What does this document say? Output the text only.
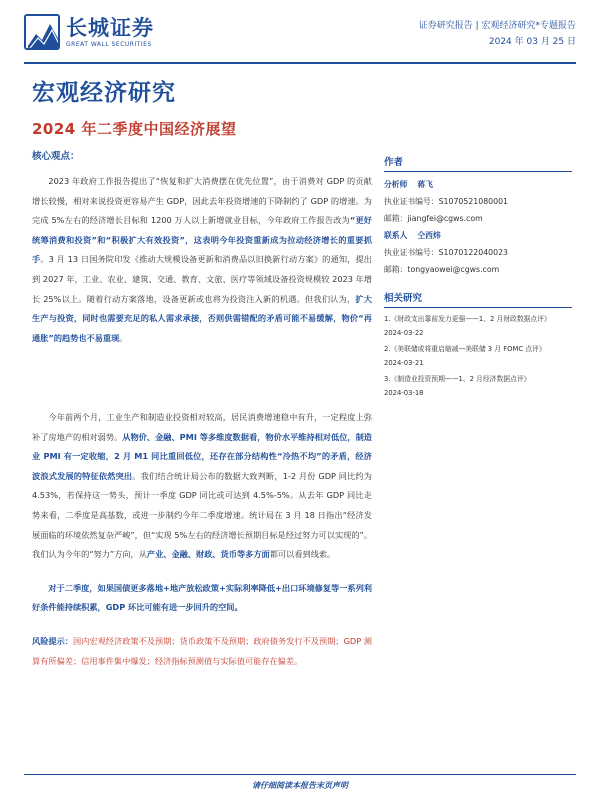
长城证券
GREAT WALL SECURITIES
证券研究报告 | 宏观经济研究*专题报告
2024 年 03 月 25 日
宏观经济研究
2024 年二季度中国经济展望
核心观点：

2023 年政府工作报告提出了“恢复和扩大消费摆在优先位置”，由于消费对 GDP 的贡献增长较慢，相对来说投资更容易产生 GDP，因此去年投资增速的下降制约了 GDP 的增速。为完成 5%左右的经济增长目标和 1200 万人以上新增就业目标，今年政府工作报告改为“更好统筹消费和投资”和“积极扩大有效投资”，这表明今年投资重新成为拉动经济增长的重要抓手。3 月 13 日国务院印发《推动大规模设备更新和消费品以旧换新行动方案》的通知，提出到 2027 年，工业、农业、建筑、交通、教育、文旅、医疗等领域设备投资规模较 2023 年增长 25%以上。随着行动方案落地，设备更新或也将为投资注入新的机遇。但我们认为，扩大生产与投资，同时也需要充足的私人需求承接，否则供需错配的矛盾可能不易缓解，物价“再通胀”的趋势也不易重现。

今年前两个月，工业生产和制造业投资相对较高，居民消费增速稳中有升，一定程度上弥补了房地产的相对弱势。从物价、金融、PMI 等多维度数据看，物价水平维持相对低位，制造业 PMI 有一定收缩，2 月 M1 同比重回低位，还存在部分结构性“冷热不均”的矛盾，经济波浪式发展的特征依然突出。我们结合统计局公布的数据大致判断，1-2 月份 GDP 同比约为 4.53%，若保持这一势头，预计一季度 GDP 同比或可达到 4.5%-5%。从去年 GDP 同比走势来看，二季度是高基数，或进一步制约今年二季度增速。统计局在 3 月 18 日指出“经济发展面临的环境依然复杂严峻”，但“实现 5%左右的经济增长预期目标是经过努力可以实现的”。我们认为今年的“努力”方向，从产业、金融、财政、货币等多方面都可以看到线索。

对于二季度，如果国债更多落地+地产放松政策+实际利率降低+出口环境修复等一系列利好条件能持续积累，GDP 环比可能有进一步回升的空间。

风险提示：国内宏观经济政策不及预期；货币政策不及预期；政府债务发行不及预期；GDP 测算有所偏差；信用事件集中爆发；经济指标预测值与实际值可能存在偏差。

作者
分析师 蒋飞
执业证书编号：S1070521080001
邮箱：jiangfei@cgws.com
联系人 仝西炜
执业证书编号：S1070122040023
邮箱：tongyaowei@cgws.com
相关研究
1.《财政支出靠前发力更强——1、2 月财政数据点评》
2024-03-22
2.《美联储或将重启缩减—美联储 3 月 FOMC 点评》
2024-03-21
3.《制造业投资预期——1、2 月经济数据点评》
2024-03-18
请仔细阅读本报告末页声明
